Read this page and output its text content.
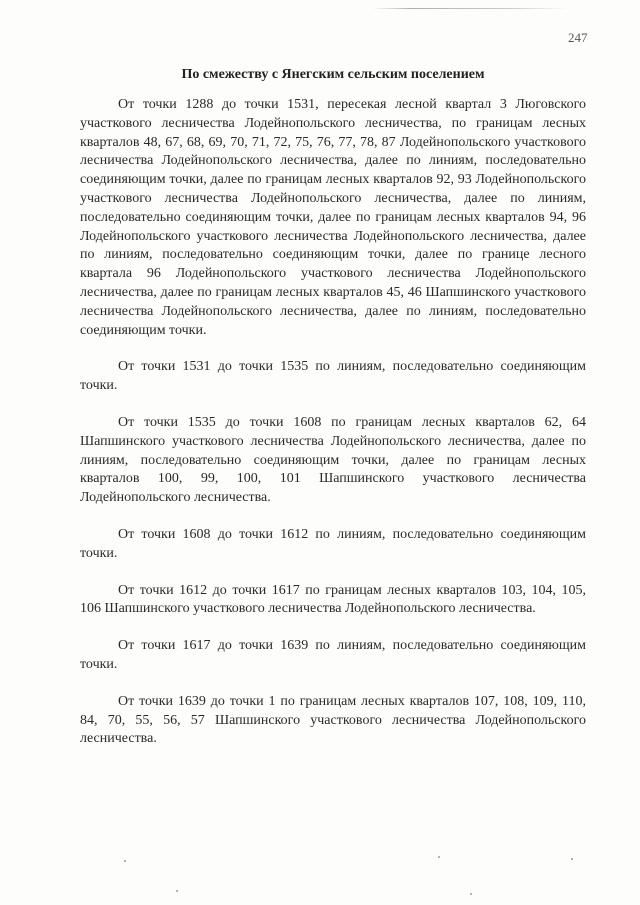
247
По смежеству с Янегским сельским поселением

От точки 1288 до точки 1531, пересекая лесной квартал 3 Люговского участкового лесничества Лодейнопольского лесничества, по границам лесных кварталов 48, 67, 68, 69, 70, 71, 72, 75, 76, 77, 78, 87 Лодейнопольского участкового лесничества Лодейнопольского лесничества, далее по линиям, последовательно соединяющим точки, далее по границам лесных кварталов 92, 93 Лодейнопольского участкового лесничества Лодейнопольского лесничества, далее по линиям, последовательно соединяющим точки, далее по границам лесных кварталов 94, 96 Лодейнопольского участкового лесничества Лодейнопольского лесничества, далее по линиям, последовательно соединяющим точки, далее по границе лесного квартала 96 Лодейнопольского участкового лесничества Лодейнопольского лесничества, далее по границам лесных кварталов 45, 46 Шапшинского участкового лесничества Лодейнопольского лесничества, далее по линиям, последовательно соединяющим точки.

От точки 1531 до точки 1535 по линиям, последовательно соединяющим точки.

От точки 1535 до точки 1608 по границам лесных кварталов 62, 64 Шапшинского участкового лесничества Лодейнопольского лесничества, далее по линиям, последовательно соединяющим точки, далее по границам лесных кварталов 100, 99, 100, 101 Шапшинского участкового лесничества Лодейнопольского лесничества.

От точки 1608 до точки 1612 по линиям, последовательно соединяющим точки.

От точки 1612 до точки 1617 по границам лесных кварталов 103, 104, 105, 106 Шапшинского участкового лесничества Лодейнопольского лесничества.

От точки 1617 до точки 1639 по линиям, последовательно соединяющим точки.

От точки 1639 до точки 1 по границам лесных кварталов 107, 108, 109, 110, 84, 70, 55, 56, 57 Шапшинского участкового лесничества Лодейнопольского лесничества.
